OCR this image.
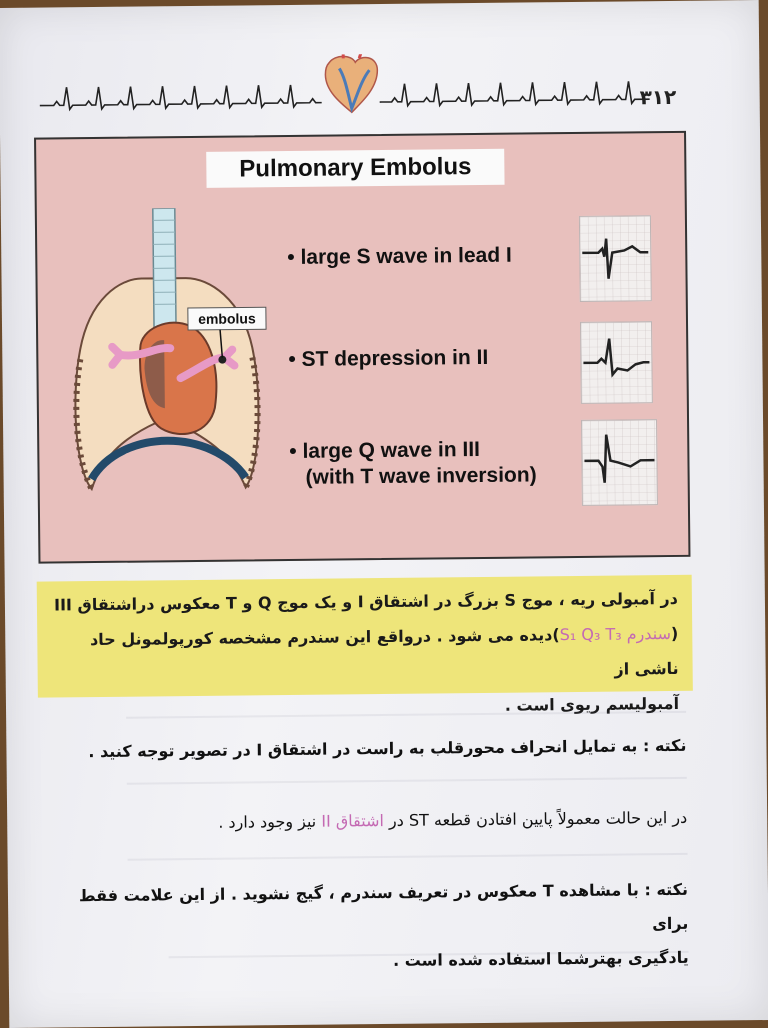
۳۱۲
Pulmonary Embolus
embolus
• large S wave in lead I
• ST depression in II
• large Q wave in III
(with T wave inversion)
در آمبولی ریه ، موج S بزرگ در اشتقاق I و یک موج Q و T معکوس دراشتقاق III
(سندرم S₁ Q₃ T₃)دیده می شود . درواقع این سندرم مشخصه کورپولمونل حاد ناشی از
آمبولیسم ریوی است .
نکته : به تمایل انحراف محورقلب به راست در اشتقاق I در تصویر توجه کنید .
در این حالت معمولاً پایین افتادن قطعه ST در اشتقاق II نیز وجود دارد .
نکته : با مشاهده T معکوس در تعریف سندرم ، گیج نشوید . از این علامت فقط برای
یادگیری بهترشما استفاده شده است .
